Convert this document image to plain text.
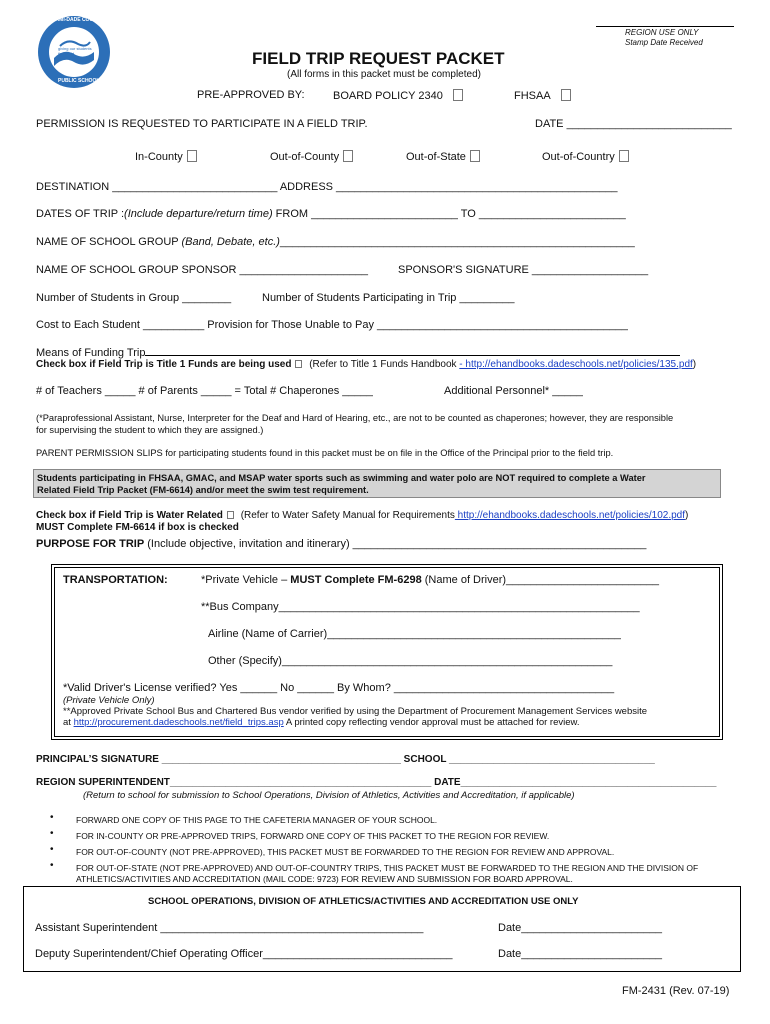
MIAMI-DADE COUNTY
giving our students the world
PUBLIC SCHOOLS
REGION USE ONLY
Stamp Date Received
FIELD TRIP REQUEST PACKET
(All forms in this packet must be completed)
PRE-APPROVED BY:	BOARD POLICY 2340	FHSAA
PERMISSION IS REQUESTED TO PARTICIPATE IN A FIELD TRIP.	DATE ___________________________
In-County	Out-of-County	Out-of-State	Out-of-Country
DESTINATION ___________________________ ADDRESS ______________________________________________
DATES OF TRIP :(Include departure/return time) FROM ________________________ TO ________________________
NAME OF SCHOOL GROUP (Band, Debate, etc.)__________________________________________________________
NAME OF SCHOOL GROUP SPONSOR _____________________	SPONSOR'S SIGNATURE ___________________
Number of Students in Group ________	Number of Students Participating in Trip _________
Cost to Each Student __________ Provision for Those Unable to Pay _________________________________________
Means of Funding Trip
Check box if Field Trip is Title 1 Funds are being used (Refer to Title 1 Funds Handbook - http://ehandbooks.dadeschools.net/policies/135.pdf)
# of Teachers _____ # of Parents _____ = Total # Chaperones _____	Additional Personnel* _____
(*Paraprofessional Assistant, Nurse, Interpreter for the Deaf and Hard of Hearing, etc., are not to be counted as chaperones; however, they are responsible
for supervising the student to which they are assigned.)
PARENT PERMISSION SLIPS for participating students found in this packet must be on file in the Office of the Principal prior to the field trip.
Students participating in FHSAA, GMAC, and MSAP water sports such as swimming and water polo are NOT required to complete a Water
Related Field Trip Packet (FM-6614) and/or meet the swim test requirement.
Check box if Field Trip is Water Related (Refer to Water Safety Manual for Requirements http://ehandbooks.dadeschools.net/policies/102.pdf)
MUST Complete FM-6614 if box is checked
PURPOSE FOR TRIP (Include objective, invitation and itinerary) ________________________________________________
TRANSPORTATION:	*Private Vehicle – MUST Complete FM-6298 (Name of Driver)_________________________
**Bus Company___________________________________________________________
Airline (Name of Carrier)________________________________________________
Other (Specify)______________________________________________________
*Valid Driver's License verified? Yes ______ No ______ By Whom? ____________________________________
(Private Vehicle Only)
**Approved Private School Bus and Chartered Bus vendor verified by using the Department of Procurement Management Services website
at http://procurement.dadeschools.net/field_trips.asp A printed copy reflecting vendor approval must be attached for review.
PRINCIPAL’S SIGNATURE ___________________________________________ SCHOOL _____________________________________
REGION SUPERINTENDENT_______________________________________________ DATE______________________________________________
(Return to school for submission to School Operations, Division of Athletics, Activities and Accreditation, if applicable)
•	FORWARD ONE COPY OF THIS PAGE TO THE CAFETERIA MANAGER OF YOUR SCHOOL.
•	FOR IN-COUNTY OR PRE-APPROVED TRIPS, FORWARD ONE COPY OF THIS PACKET TO THE REGION FOR REVIEW.
•	FOR OUT-OF-COUNTY (NOT PRE-APPROVED), THIS PACKET MUST BE FORWARDED TO THE REGION FOR REVIEW AND APPROVAL.
•	FOR OUT-OF-STATE (NOT PRE-APPROVED) AND OUT-OF-COUNTRY TRIPS, THIS PACKET MUST BE FORWARDED TO THE REGION AND THE DIVISION OF
ATHLETICS/ACTIVITIES AND ACCREDITATION (MAIL CODE: 9723) FOR REVIEW AND SUBMISSION FOR BOARD APPROVAL.
SCHOOL OPERATIONS, DIVISION OF ATHLETICS/ACTIVITIES AND ACCREDITATION USE ONLY
Assistant Superintendent ___________________________________________	Date_______________________
Deputy Superintendent/Chief Operating Officer_______________________________	Date_______________________
FM-2431 (Rev. 07-19)
